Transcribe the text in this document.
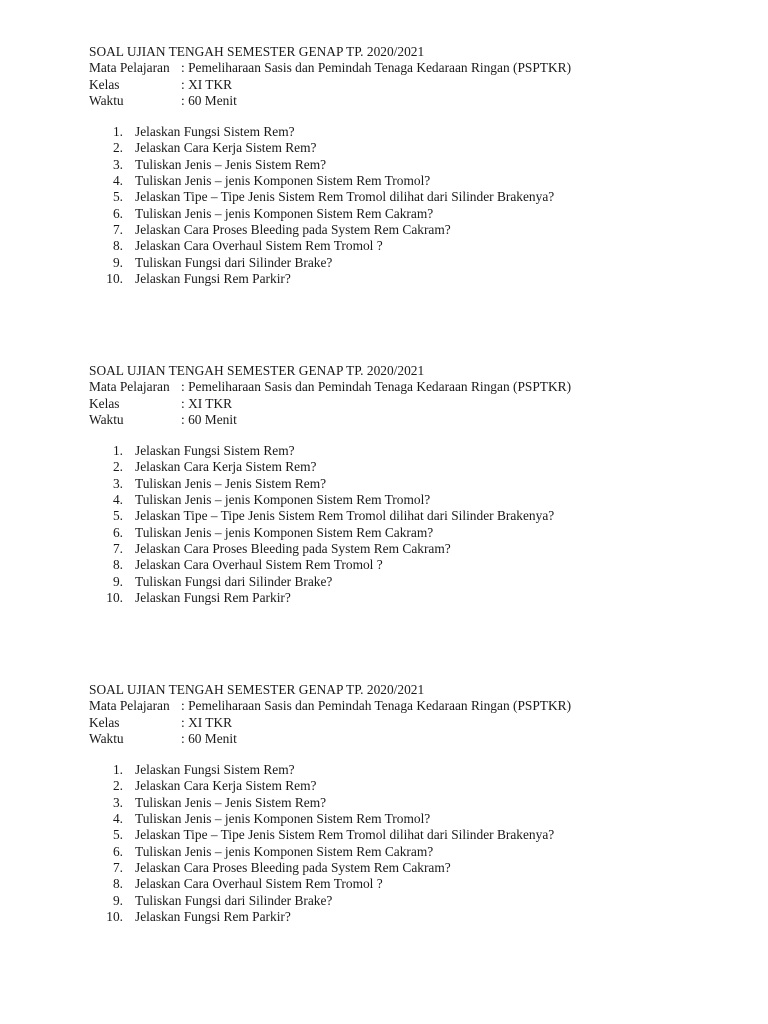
SOAL UJIAN TENGAH SEMESTER GENAP TP. 2020/2021
Mata Pelajaran : Pemeliharaan Sasis dan Pemindah Tenaga Kedaraan Ringan (PSPTKR)
Kelas	: XI TKR
Waktu	: 60 Menit
1. Jelaskan Fungsi Sistem Rem?
2. Jelaskan Cara Kerja Sistem Rem?
3. Tuliskan Jenis – Jenis Sistem Rem?
4. Tuliskan Jenis – jenis Komponen Sistem Rem Tromol?
5. Jelaskan Tipe – Tipe Jenis Sistem Rem Tromol dilihat dari Silinder Brakenya?
6. Tuliskan Jenis – jenis Komponen Sistem Rem Cakram?
7. Jelaskan Cara Proses Bleeding pada System Rem Cakram?
8. Jelaskan Cara Overhaul Sistem Rem Tromol ?
9. Tuliskan Fungsi dari Silinder Brake?
10. Jelaskan Fungsi Rem Parkir?
SOAL UJIAN TENGAH SEMESTER GENAP TP. 2020/2021
Mata Pelajaran : Pemeliharaan Sasis dan Pemindah Tenaga Kedaraan Ringan (PSPTKR)
Kelas	: XI TKR
Waktu	: 60 Menit
1. Jelaskan Fungsi Sistem Rem?
2. Jelaskan Cara Kerja Sistem Rem?
3. Tuliskan Jenis – Jenis Sistem Rem?
4. Tuliskan Jenis – jenis Komponen Sistem Rem Tromol?
5. Jelaskan Tipe – Tipe Jenis Sistem Rem Tromol dilihat dari Silinder Brakenya?
6. Tuliskan Jenis – jenis Komponen Sistem Rem Cakram?
7. Jelaskan Cara Proses Bleeding pada System Rem Cakram?
8. Jelaskan Cara Overhaul Sistem Rem Tromol ?
9. Tuliskan Fungsi dari Silinder Brake?
10. Jelaskan Fungsi Rem Parkir?
SOAL UJIAN TENGAH SEMESTER GENAP TP. 2020/2021
Mata Pelajaran : Pemeliharaan Sasis dan Pemindah Tenaga Kedaraan Ringan (PSPTKR)
Kelas	: XI TKR
Waktu	: 60 Menit
1. Jelaskan Fungsi Sistem Rem?
2. Jelaskan Cara Kerja Sistem Rem?
3. Tuliskan Jenis – Jenis Sistem Rem?
4. Tuliskan Jenis – jenis Komponen Sistem Rem Tromol?
5. Jelaskan Tipe – Tipe Jenis Sistem Rem Tromol dilihat dari Silinder Brakenya?
6. Tuliskan Jenis – jenis Komponen Sistem Rem Cakram?
7. Jelaskan Cara Proses Bleeding pada System Rem Cakram?
8. Jelaskan Cara Overhaul Sistem Rem Tromol ?
9. Tuliskan Fungsi dari Silinder Brake?
10. Jelaskan Fungsi Rem Parkir?
